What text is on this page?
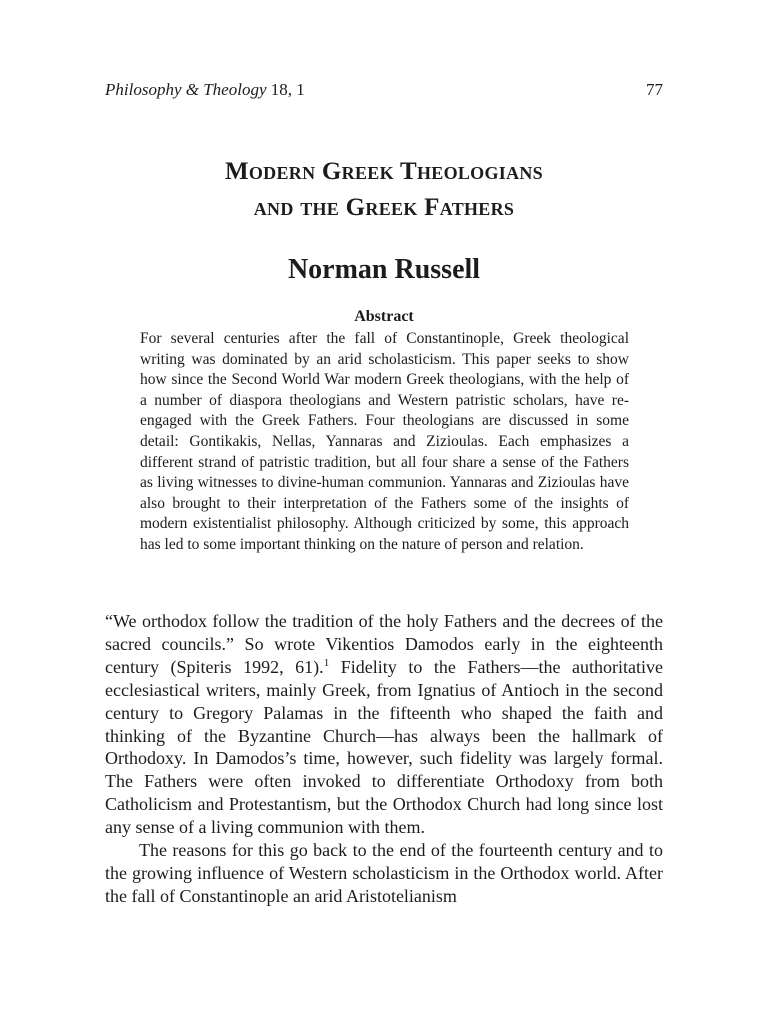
Philosophy & Theology 18, 1	77
Modern Greek Theologians
and the Greek Fathers
Norman Russell
Abstract

For several centuries after the fall of Constantinople, Greek theological writing was dominated by an arid scholasticism. This paper seeks to show how since the Second World War modern Greek theologians, with the help of a number of diaspora theologians and Western patristic scholars, have re-engaged with the Greek Fathers. Four theologians are discussed in some detail: Gontikakis, Nellas, Yannaras and Zizioulas. Each emphasizes a different strand of patristic tradition, but all four share a sense of the Fathers as living witnesses to divine-human communion. Yannaras and Zizioulas have also brought to their interpretation of the Fathers some of the insights of modern existentialist philosophy. Although criticized by some, this approach has led to some important thinking on the nature of person and relation.

“We orthodox follow the tradition of the holy Fathers and the decrees of the sacred councils.” So wrote Vikentios Damodos early in the eighteenth century (Spiteris 1992, 61).$^1$ Fidelity to the Fathers—the authoritative ecclesiastical writers, mainly Greek, from Ignatius of Antioch in the second century to Gregory Palamas in the fifteenth who shaped the faith and thinking of the Byzantine Church—has always been the hallmark of Orthodoxy. In Damodos’s time, however, such fidelity was largely formal. The Fathers were often invoked to differentiate Orthodoxy from both Catholicism and Protestantism, but the Orthodox Church had long since lost any sense of a living communion with them.

The reasons for this go back to the end of the fourteenth century and to the growing influence of Western scholasticism in the Orthodox world. After the fall of Constantinople an arid Aristotelianism
